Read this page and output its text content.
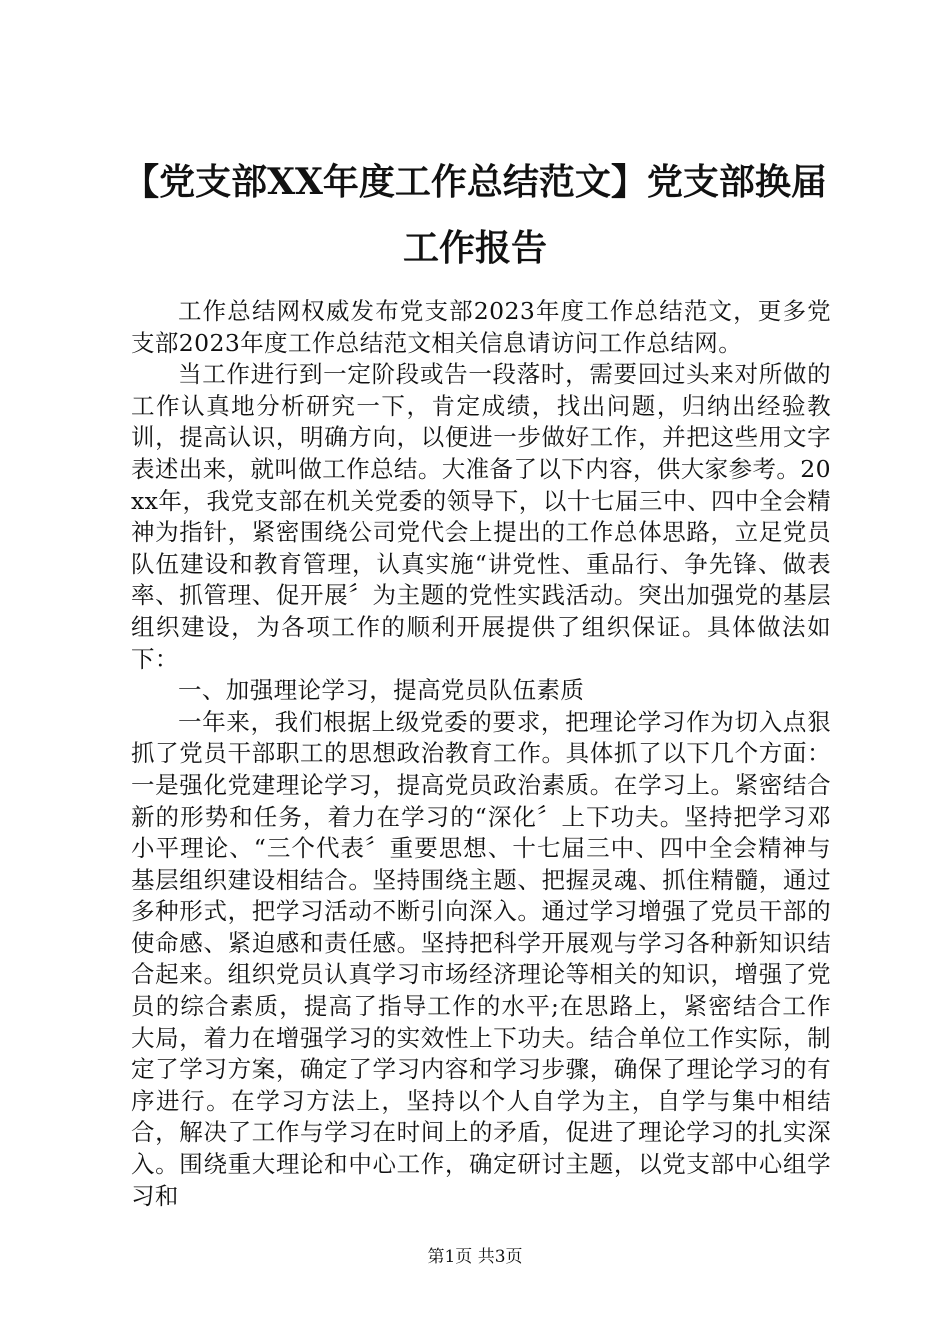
【党支部XX年度工作总结范文】党支部换届
工作报告

工作总结网权威发布党支部2023年度工作总结范文，更多党支部2023年度工作总结范文相关信息请访问工作总结网。

当工作进行到一定阶段或告一段落时，需要回过头来对所做的工作认真地分析研究一下，肯定成绩，找出问题，归纳出经验教训，提高认识，明确方向，以便进一步做好工作，并把这些用文字表述出来，就叫做工作总结。大准备了以下内容，供大家参考。20xx年，我党支部在机关党委的领导下，以十七届三中、四中全会精神为指针，紧密围绕公司党代会上提出的工作总体思路，立足党员队伍建设和教育管理，认真实施“讲党性、重品行、争先锋、做表率、抓管理、促开展〞为主题的党性实践活动。突出加强党的基层组织建设，为各项工作的顺利开展提供了组织保证。具体做法如下：

一、加强理论学习，提高党员队伍素质

一年来，我们根据上级党委的要求，把理论学习作为切入点狠抓了党员干部职工的思想政治教育工作。具体抓了以下几个方面：一是强化党建理论学习，提高党员政治素质。在学习上。紧密结合新的形势和任务，着力在学习的“深化〞上下功夫。坚持把学习邓小平理论、“三个代表〞重要思想、十七届三中、四中全会精神与基层组织建设相结合。坚持围绕主题、把握灵魂、抓住精髓，通过多种形式，把学习活动不断引向深入。通过学习增强了党员干部的使命感、紧迫感和责任感。坚持把科学开展观与学习各种新知识结合起来。组织党员认真学习市场经济理论等相关的知识，增强了党员的综合素质，提高了指导工作的水平;在思路上，紧密结合工作大局，着力在增强学习的实效性上下功夫。结合单位工作实际，制定了学习方案，确定了学习内容和学习步骤，确保了理论学习的有序进行。在学习方法上，坚持以个人自学为主，自学与集中相结合，解决了工作与学习在时间上的矛盾，促进了理论学习的扎实深入。围绕重大理论和中心工作，确定研讨主题，以党支部中心组学习和

第1页 共3页
